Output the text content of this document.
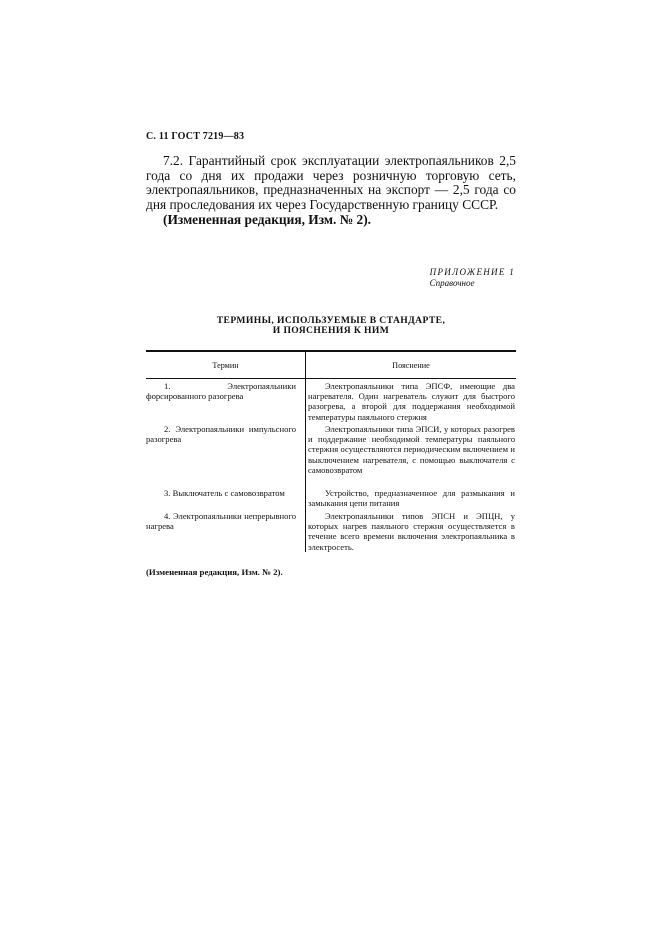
С. 11 ГОСТ 7219—83

7.2. Гарантийный срок эксплуатации электропаяльников 2,5 года со дня их продажи через розничную торговую сеть, электропаяльников, предназначенных на экспорт — 2,5 года со дня проследования их через Государственную границу СССР.

(Измененная редакция, Изм. № 2).

ПРИЛОЖЕНИЕ 1
Справочное
ТЕРМИНЫ, ИСПОЛЬЗУЕМЫЕ В СТАНДАРТЕ,
И ПОЯСНЕНИЯ К НИМ
Термин	Пояснение
1. Электропаяльники форсированного разогрева
Электропаяльники типа ЭПСФ, имеющие два нагревателя. Один нагреватель служит для быстрого разогрева, а второй для поддержания необходимой температуры паяльного стержня
2. Электропаяльники импульсного разогрева
Электропаяльники типа ЭПСИ, у которых разогрев и поддержание необходимой температуры паяльного стержня осуществляются периодическим включением и выключением нагревателя, с помощью выключателя с самовозвратом
3. Выключатель с самовозвратом	Устройство, предназначенное для размыкания и замыкания цепи питания
4. Электропаяльники непрерывного нагрева
Электропаяльники типов ЭПСН и ЭПЦН, у которых нагрев паяльного стержня осуществляется в течение всего времени включения электропаяльника в электросеть.
(Измененная редакция, Изм. № 2).
